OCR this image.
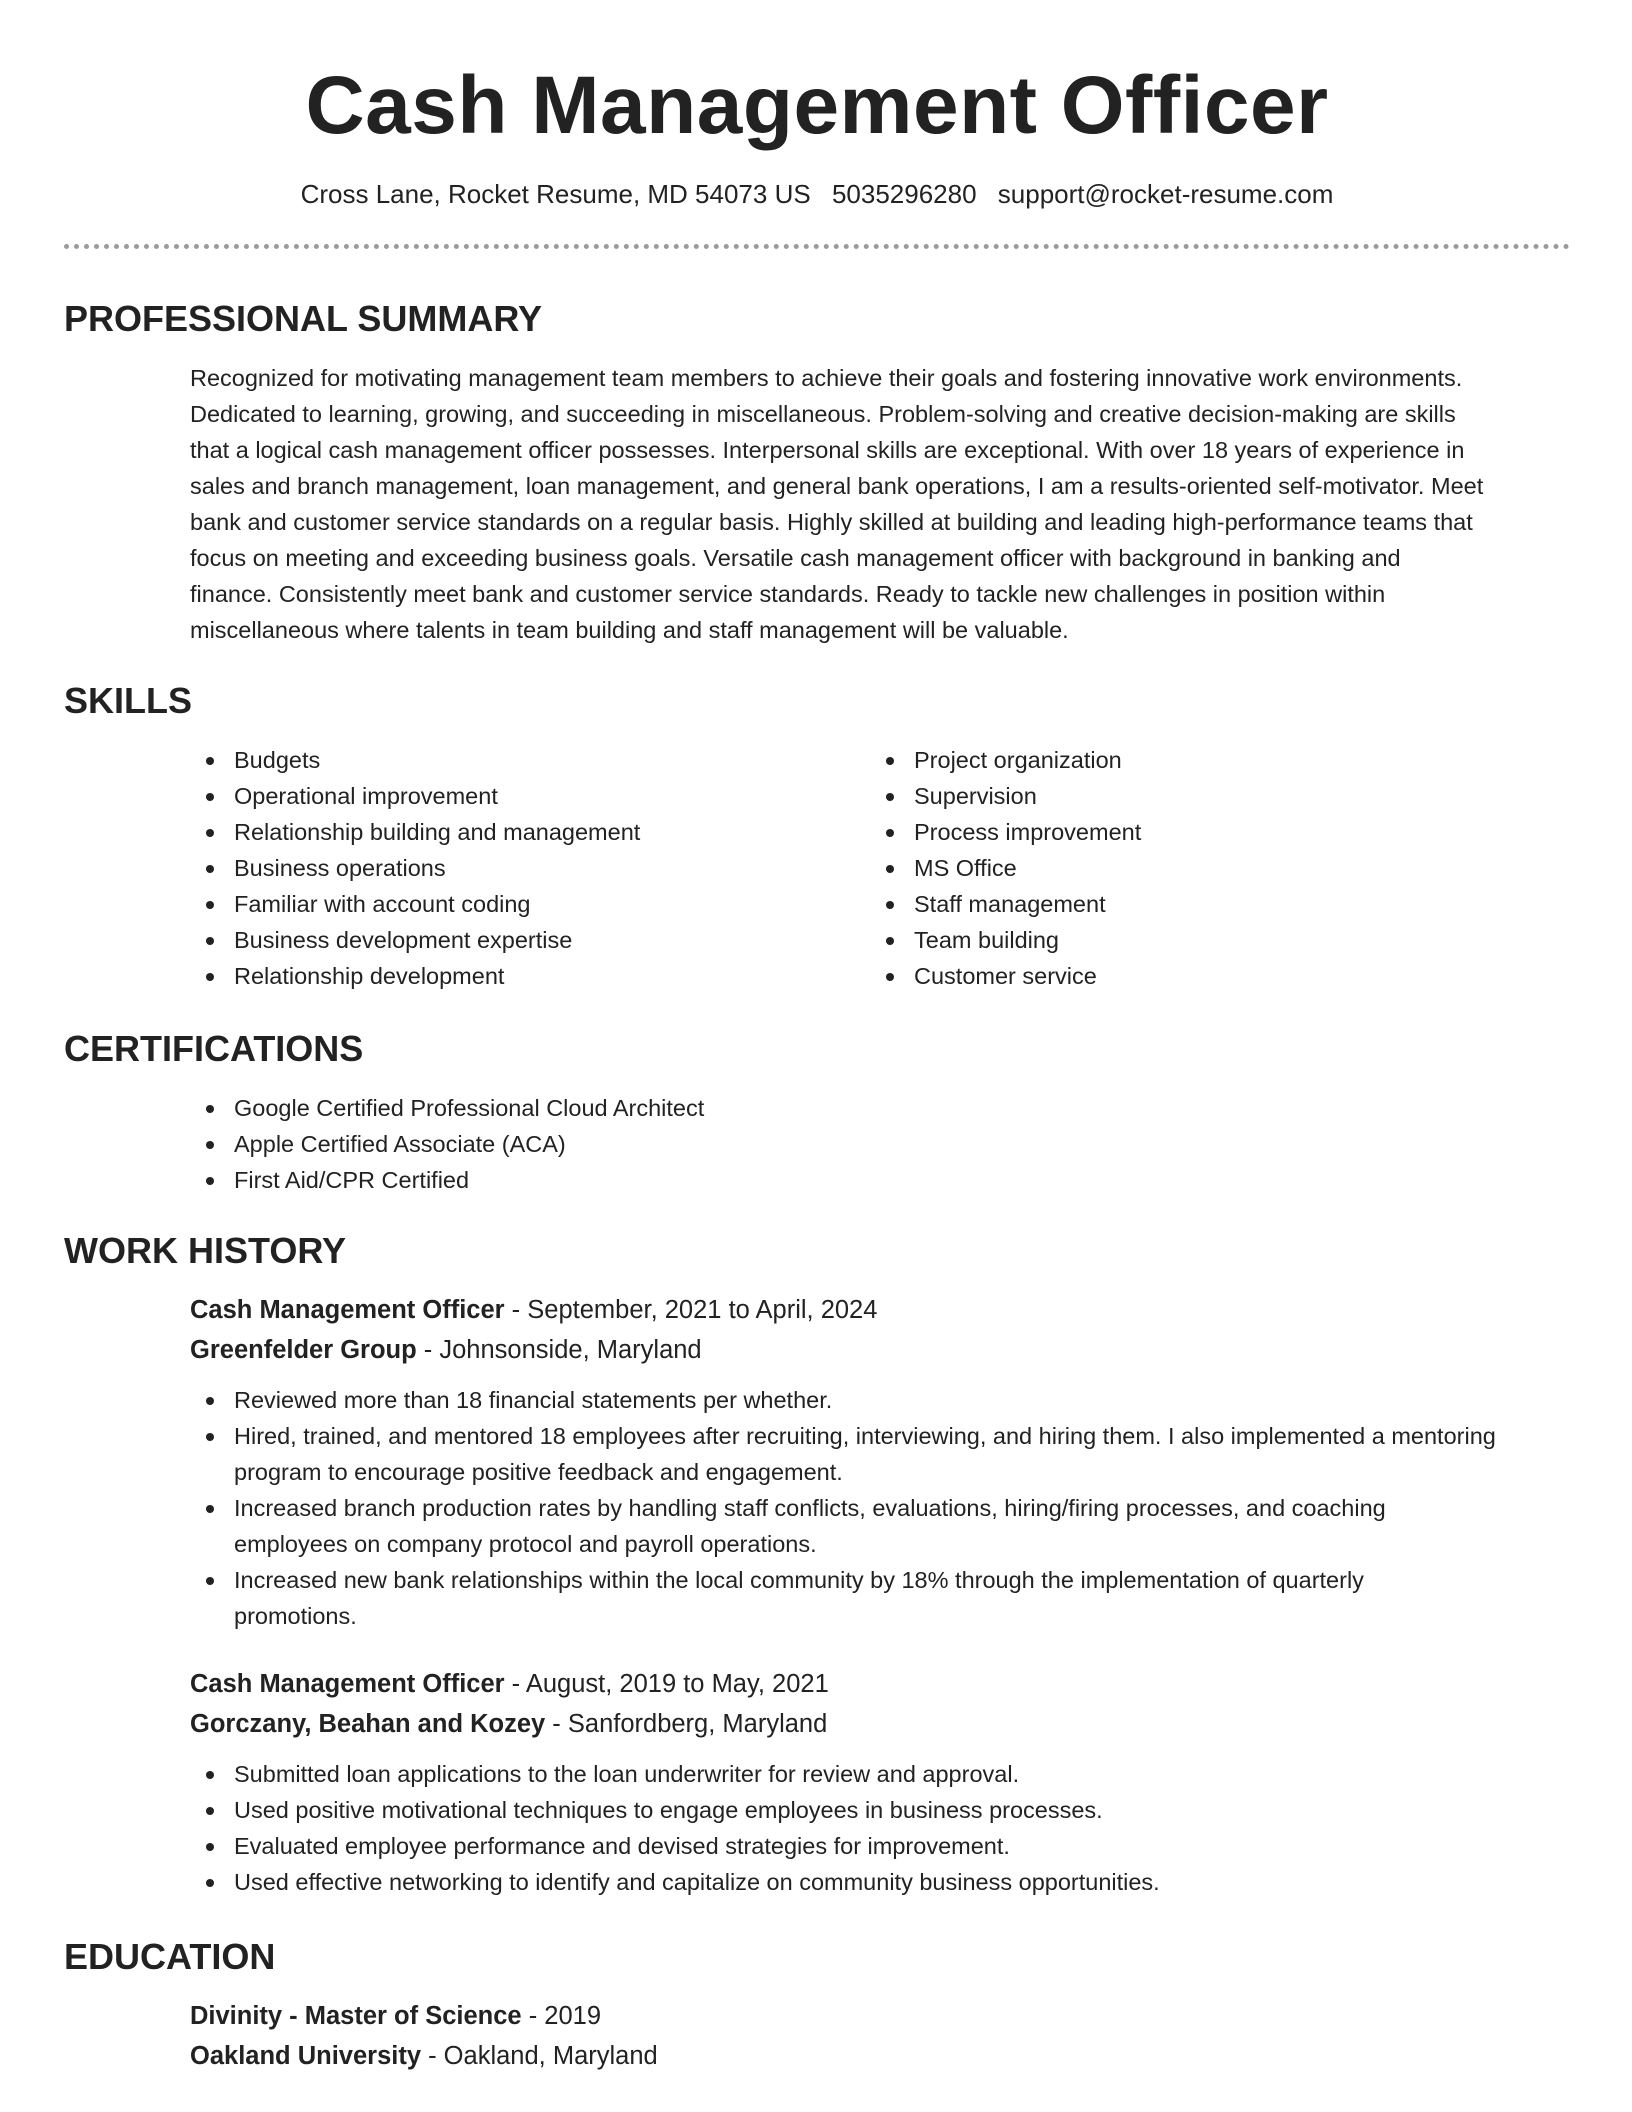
Cash Management Officer
Cross Lane, Rocket Resume, MD 54073 US 5035296280 support@rocket-resume.com
PROFESSIONAL SUMMARY
Recognized for motivating management team members to achieve their goals and fostering innovative work environments.
Dedicated to learning, growing, and succeeding in miscellaneous. Problem-solving and creative decision-making are skills
that a logical cash management officer possesses. Interpersonal skills are exceptional. With over 18 years of experience in
sales and branch management, loan management, and general bank operations, I am a results-oriented self-motivator. Meet
bank and customer service standards on a regular basis. Highly skilled at building and leading high-performance teams that
focus on meeting and exceeding business goals. Versatile cash management officer with background in banking and
finance. Consistently meet bank and customer service standards. Ready to tackle new challenges in position within
miscellaneous where talents in team building and staff management will be valuable.
SKILLS
Budgets
Operational improvement
Relationship building and management
Business operations
Familiar with account coding
Business development expertise
Relationship development
Project organization
Supervision
Process improvement
MS Office
Staff management
Team building
Customer service
CERTIFICATIONS
Google Certified Professional Cloud Architect
Apple Certified Associate (ACA)
First Aid/CPR Certified
WORK HISTORY
Cash Management Officer - September, 2021 to April, 2024
Greenfelder Group - Johnsonside, Maryland
Reviewed more than 18 financial statements per whether.
Hired, trained, and mentored 18 employees after recruiting, interviewing, and hiring them. I also implemented a mentoring
program to encourage positive feedback and engagement.
Increased branch production rates by handling staff conflicts, evaluations, hiring/firing processes, and coaching
employees on company protocol and payroll operations.
Increased new bank relationships within the local community by 18% through the implementation of quarterly
promotions.
Cash Management Officer - August, 2019 to May, 2021
Gorczany, Beahan and Kozey - Sanfordberg, Maryland
Submitted loan applications to the loan underwriter for review and approval.
Used positive motivational techniques to engage employees in business processes.
Evaluated employee performance and devised strategies for improvement.
Used effective networking to identify and capitalize on community business opportunities.
EDUCATION
Divinity - Master of Science - 2019
Oakland University - Oakland, Maryland
